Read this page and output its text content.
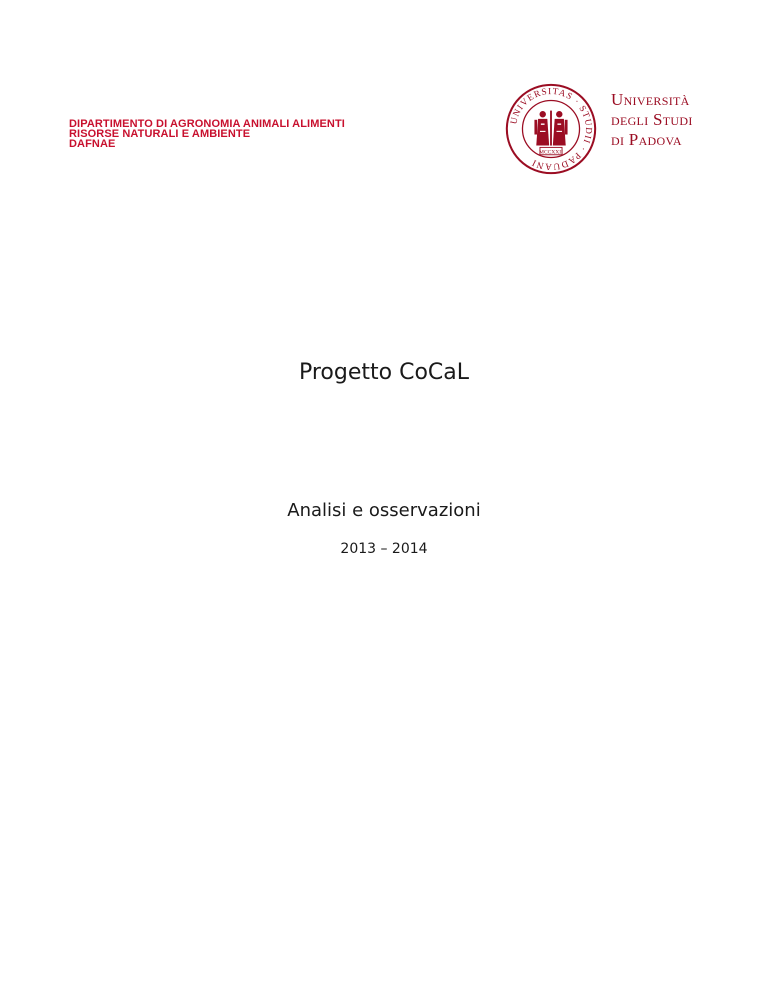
DIPARTIMENTO DI AGRONOMIA ANIMALI ALIMENTI
RISORSE NATURALI E AMBIENTE
DAFNAE
UNIVERSITAS · STUDII · PADUANI
MCCXXII
Università
degli Studi
di Padova
Progetto CoCaL
Analisi e osservazioni
2013 – 2014
